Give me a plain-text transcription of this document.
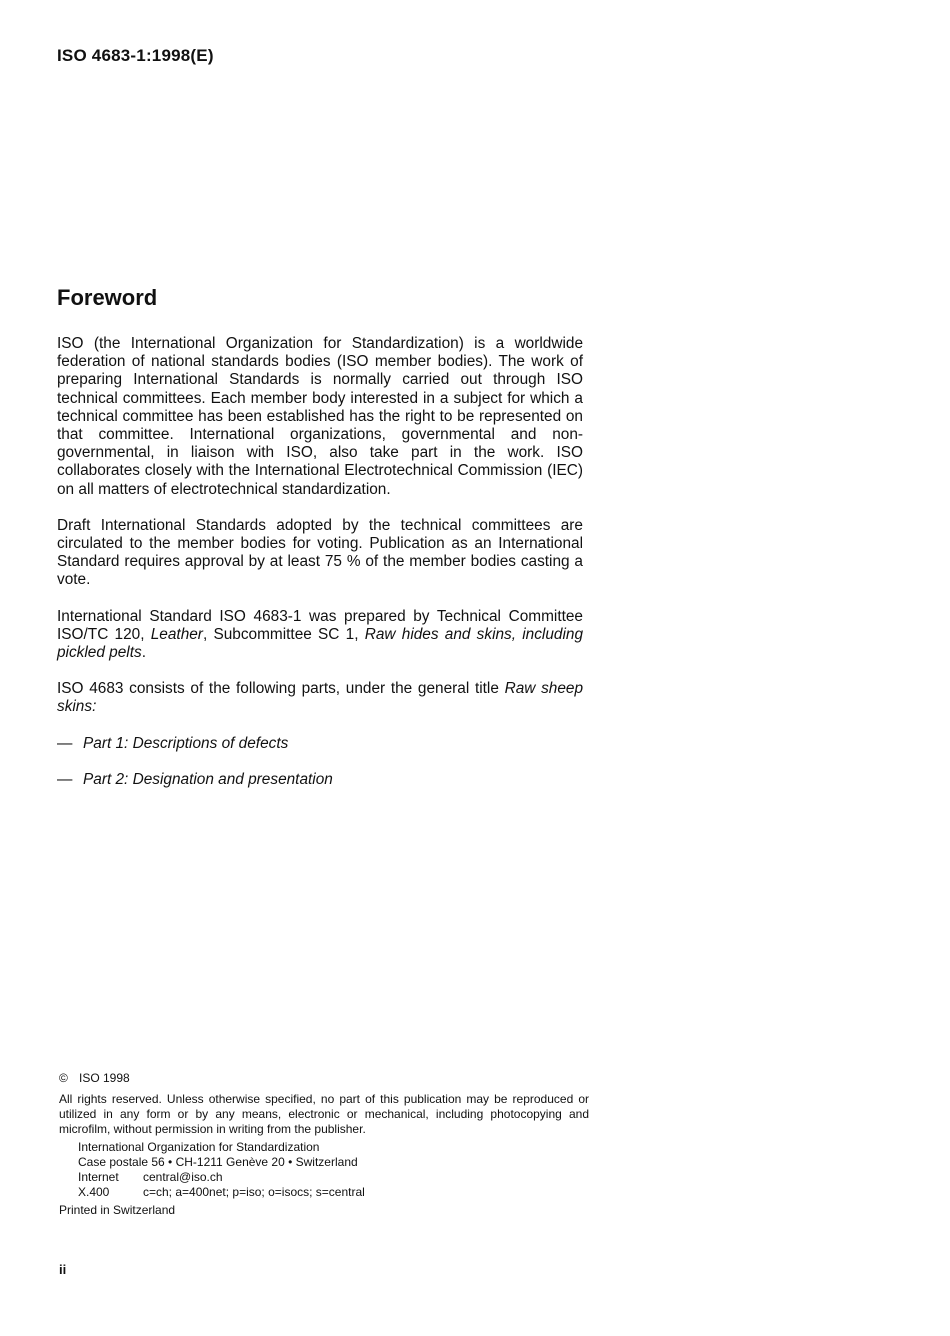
ISO 4683-1:1998(E)
Foreword

ISO (the International Organization for Standardization) is a worldwide federation of national standards bodies (ISO member bodies). The work of preparing International Standards is normally carried out through ISO technical committees. Each member body interested in a subject for which a technical committee has been established has the right to be represented on that committee. International organizations, governmental and non-governmental, in liaison with ISO, also take part in the work. ISO collaborates closely with the International Electrotechnical Commission (IEC) on all matters of electrotechnical standardization.

Draft International Standards adopted by the technical committees are circulated to the member bodies for voting. Publication as an International Standard requires approval by at least 75 % of the member bodies casting a vote.

International Standard ISO 4683-1 was prepared by Technical Committee ISO/TC 120, Leather, Subcommittee SC 1, Raw hides and skins, including pickled pelts.

ISO 4683 consists of the following parts, under the general title Raw sheep skins:

— Part 1: Descriptions of defects

— Part 2: Designation and presentation

© ISO 1998
All rights reserved. Unless otherwise specified, no part of this publication may be reproduced or utilized in any form or by any means, electronic or mechanical, including photocopying and microfilm, without permission in writing from the publisher.
International Organization for Standardization
Case postale 56 • CH-1211 Genève 20 • Switzerland
Internet central@iso.ch
X.400	c=ch; a=400net; p=iso; o=isocs; s=central
Printed in Switzerland
ii
